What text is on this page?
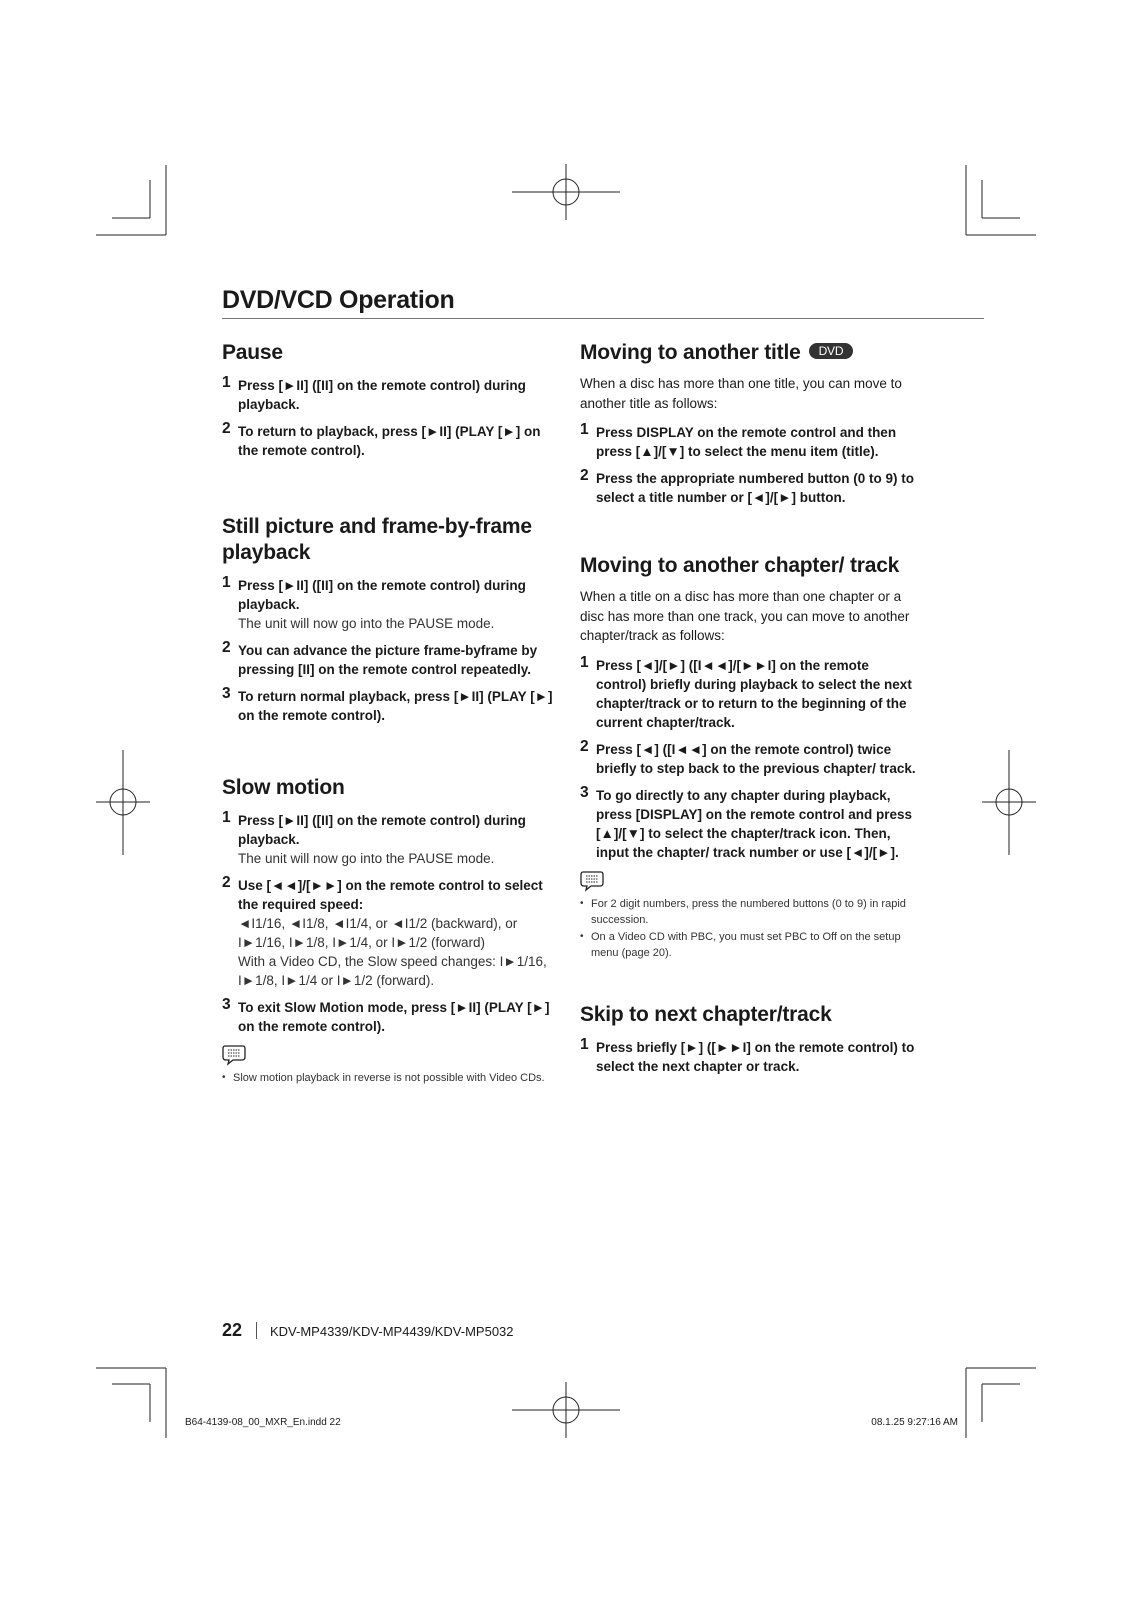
DVD/VCD Operation
Pause
1 Press [►II] ([II] on the remote control) during playback.
2 To return to playback, press [►II] (PLAY [►] on the remote control).
Still picture and frame-by-frame playback
1 Press [►II] ([II] on the remote control) during playback.
The unit will now go into the PAUSE mode.
2 You can advance the picture frame-byframe by pressing [II] on the remote control repeatedly.
3 To return normal playback, press [►II] (PLAY [►] on the remote control).
Slow motion
1 Press [►II] ([II] on the remote control) during playback.
The unit will now go into the PAUSE mode.
2 Use [◄◄]/[►►] on the remote control to select the required speed:
◄I1/16, ◄I1/8, ◄I1/4, or ◄I1/2 (backward), or I►1/16, I►1/8, I►1/4, or I►1/2 (forward)
With a Video CD, the Slow speed changes: I►1/16, I►1/8, I►1/4 or I►1/2 (forward).
3 To exit Slow Motion mode, press [►II] (PLAY [►] on the remote control).
• Slow motion playback in reverse is not possible with Video CDs.
Moving to another title DVD

When a disc has more than one title, you can move to another title as follows:

1 Press DISPLAY on the remote control and then press [▲]/[▼] to select the menu item (title).
2 Press the appropriate numbered button (0 to 9) to select a title number or [◄]/[►] button.
Moving to another chapter/ track

When a title on a disc has more than one chapter or a disc has more than one track, you can move to another chapter/track as follows:

1 Press [◄]/[►] ([I◄◄]/[►►I] on the remote control) briefly during playback to select the next chapter/track or to return to the beginning of the current chapter/track.
2 Press [◄] ([I◄◄] on the remote control) twice briefly to step back to the previous chapter/ track.
3 To go directly to any chapter during playback, press [DISPLAY] on the remote control and press [▲]/[▼] to select the chapter/track icon. Then, input the chapter/ track number or use [◄]/[►].
• For 2 digit numbers, press the numbered buttons (0 to 9) in rapid succession.
• On a Video CD with PBC, you must set PBC to Off on the setup menu (page 20).
Skip to next chapter/track
1 Press briefly [►] ([►►I] on the remote control) to select the next chapter or track.
22 KDV-MP4339/KDV-MP4439/KDV-MP5032
B64-4139-08_00_MXR_En.indd 22	08.1.25 9:27:16 AM
